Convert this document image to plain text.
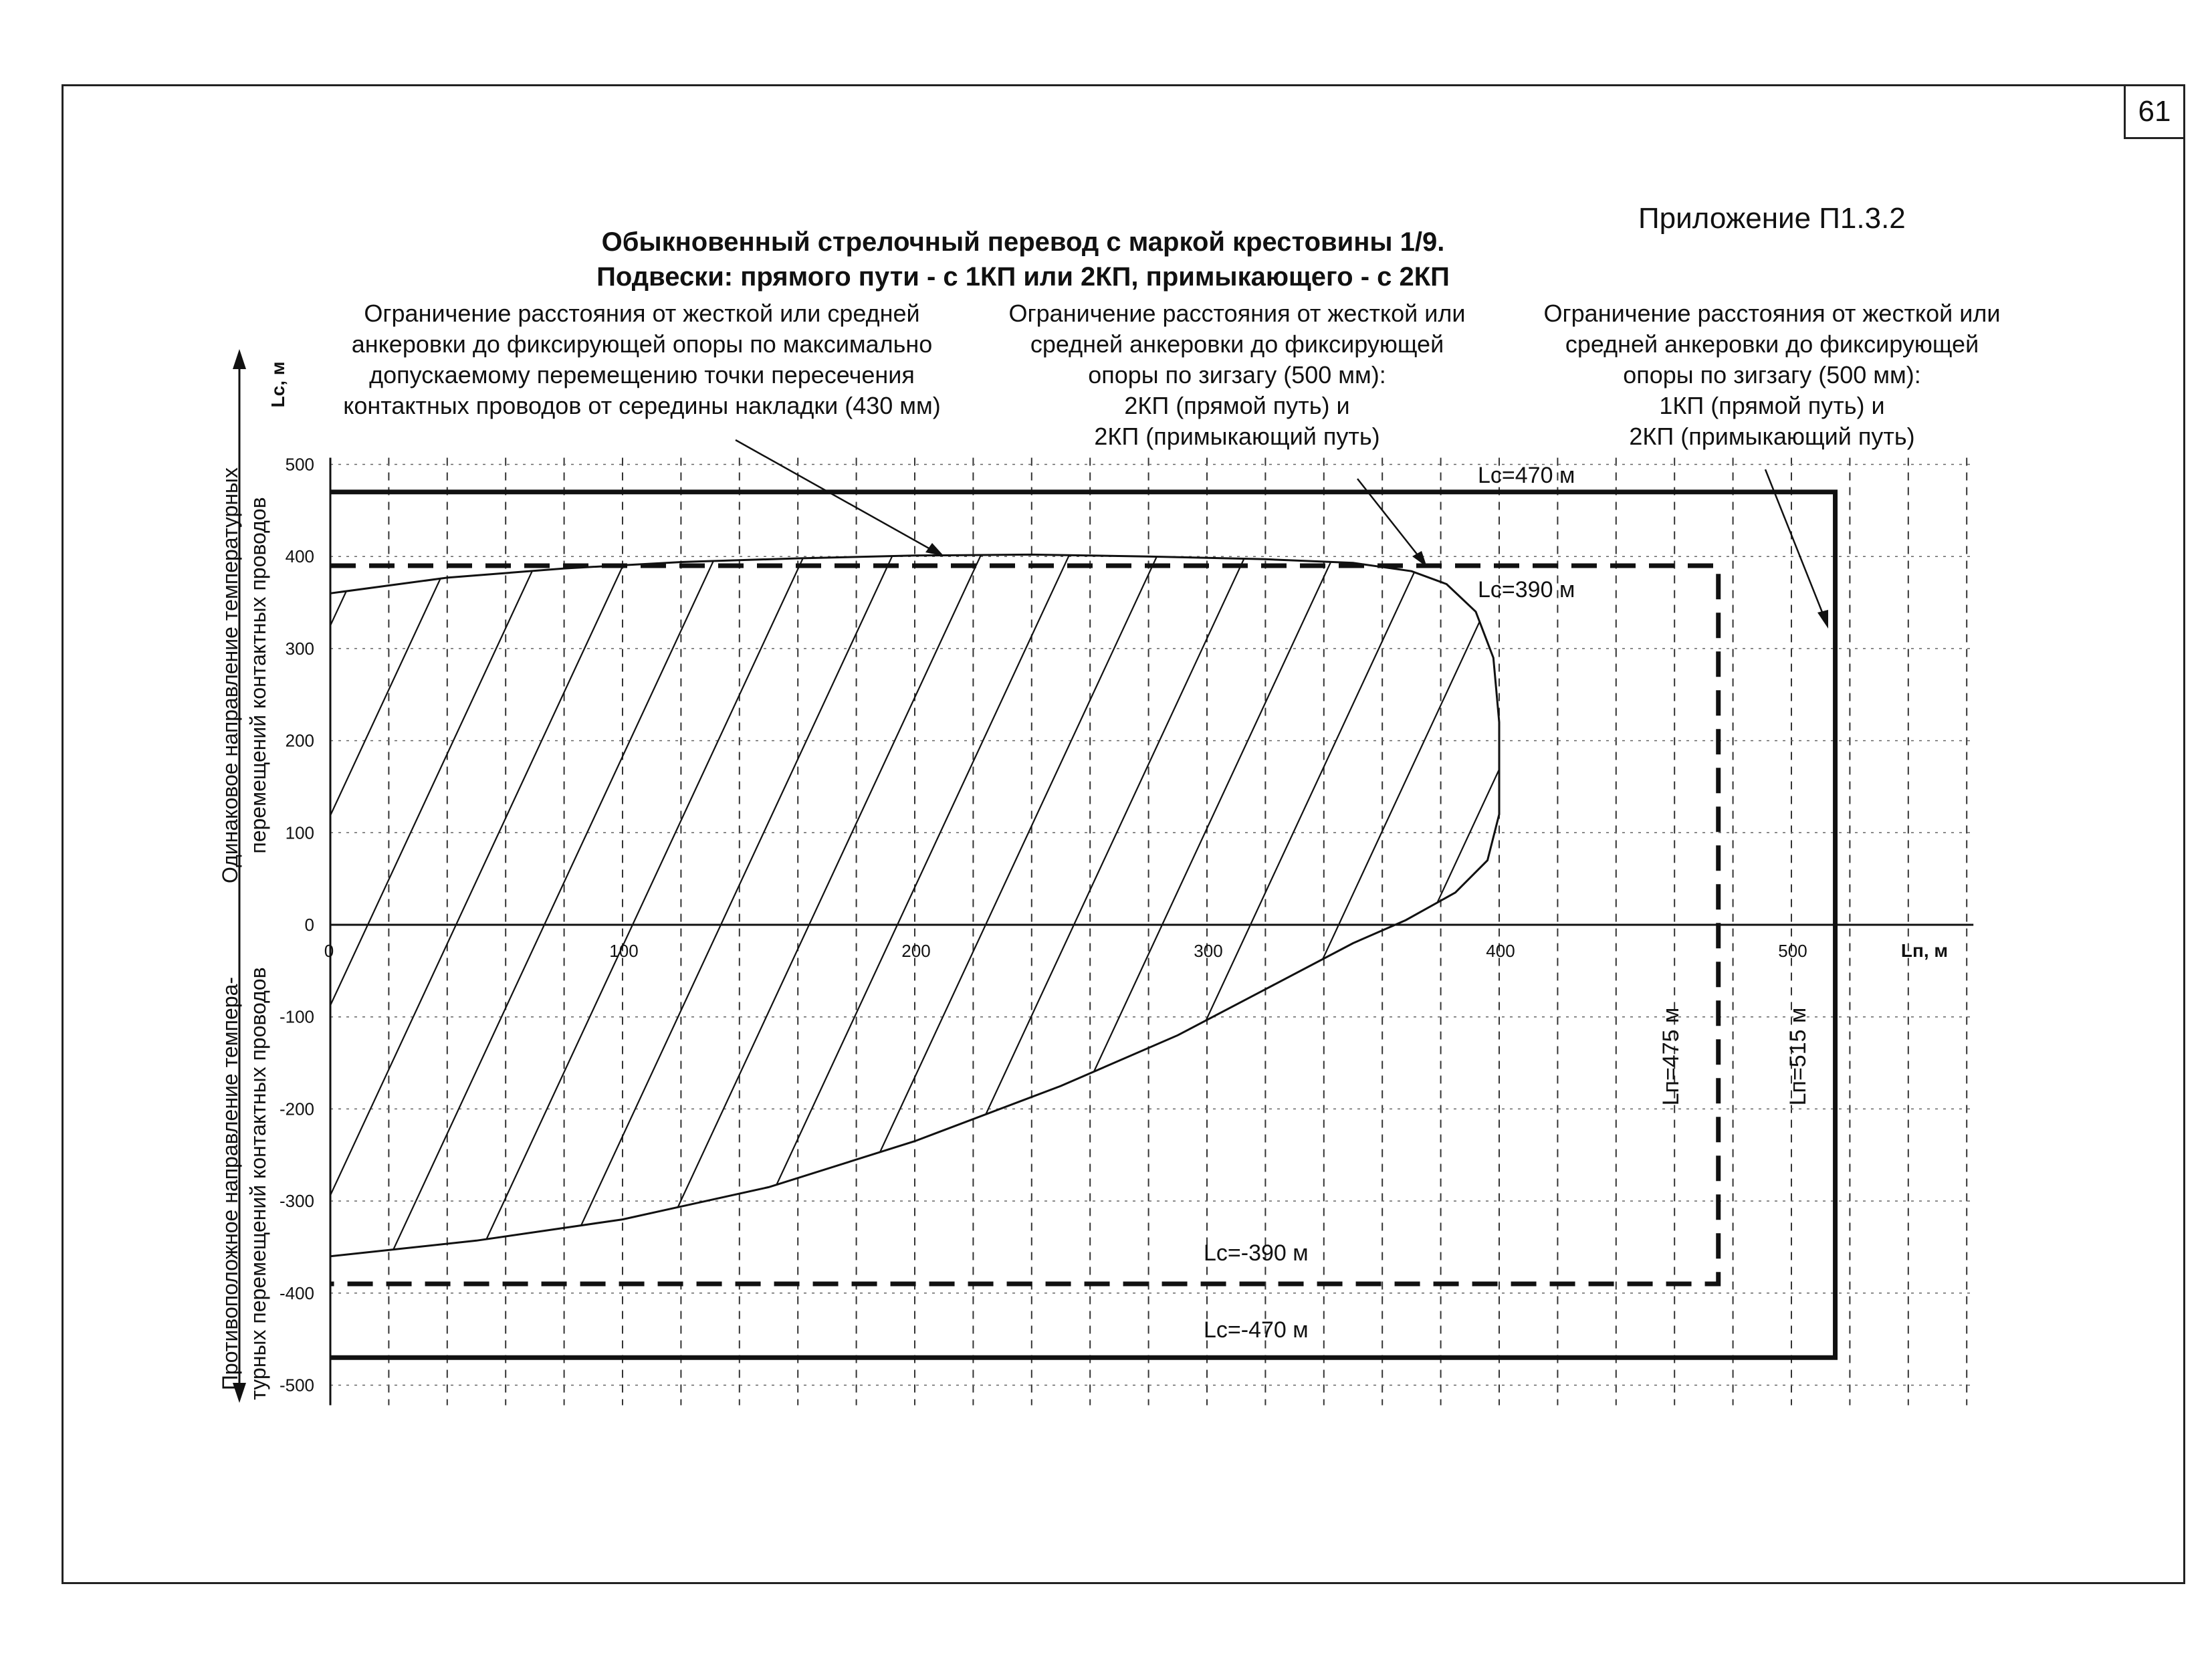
61
Приложение П1.3.2
Обыкновенный стрелочный перевод с маркой крестовины 1/9.
Подвески: прямого пути - с 1КП или 2КП, примыкающего - с 2КП
Ограничение расстояния от жесткой или средней
анкеровки до фиксирующей опоры по максимально
допускаемому перемещению точки пересечения
контактных проводов от середины накладки (430 мм)
Ограничение расстояния от жесткой или
средней анкеровки до фиксирующей
опоры по зигзагу (500 мм):
2КП (прямой путь) и
2КП (примыкающий путь)
Ограничение расстояния от жесткой или
средней анкеровки до фиксирующей
опоры по зигзагу (500 мм):
1КП (прямой путь) и
2КП (примыкающий путь)
500
400
300
200
100
0
-100
-200
-300
-400
-500
0	100	200	300	400	500	Lп, м
Lс, м
Одинаковое направление температурных перемещений контактных проводов
Противоположное направление темпера- турных перемещений контактных проводов
Lc=470 м
Lc=390 м
Lc=-390 м
Lc=-470 м
Lп=475 м	Lп=515 м
